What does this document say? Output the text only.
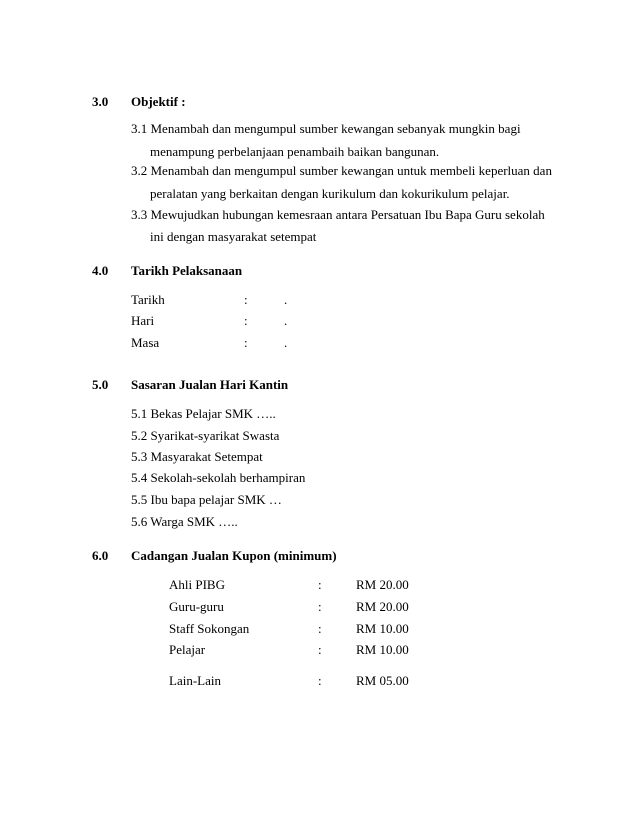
3.0 Objektif :
3.1 Menambah dan mengumpul sumber kewangan sebanyak mungkin bagi
menampung perbelanjaan penambaih baikan bangunan.
3.2 Menambah dan mengumpul sumber kewangan untuk membeli keperluan dan
peralatan yang berkaitan dengan kurikulum dan kokurikulum pelajar.
3.3 Mewujudkan hubungan kemesraan antara Persatuan Ibu Bapa Guru sekolah
ini dengan masyarakat setempat
4.0 Tarikh Pelaksanaan
Tarikh	:	.
Hari	:	.
Masa	:	.
5.0 Sasaran Jualan Hari Kantin
5.1 Bekas Pelajar SMK …..
5.2 Syarikat-syarikat Swasta
5.3 Masyarakat Setempat
5.4 Sekolah-sekolah berhampiran
5.5 Ibu bapa pelajar SMK …
5.6 Warga SMK …..
6.0 Cadangan Jualan Kupon (minimum)
Ahli PIBG	:	RM 20.00
Guru-guru	:	RM 20.00
Staff Sokongan	:	RM 10.00
Pelajar	:	RM 10.00
Lain-Lain	:	RM 05.00
